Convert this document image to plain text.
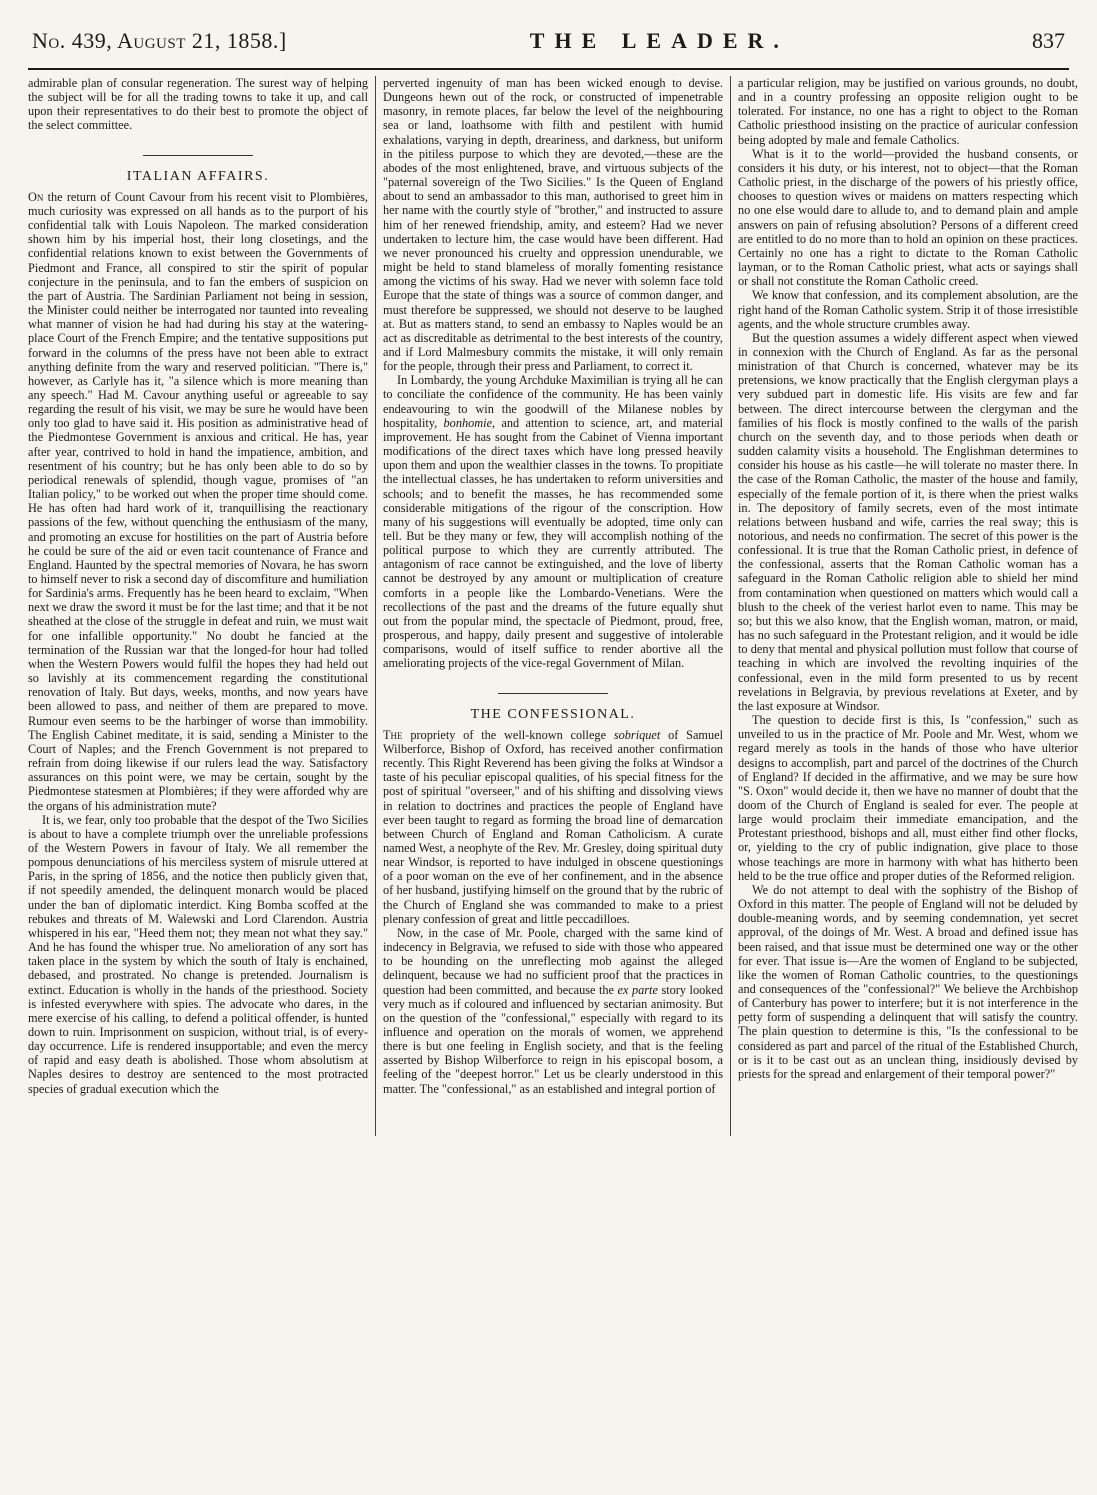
No. 439, August 21, 1858.]	THE LEADER.	837

admirable plan of consular regeneration. The surest way of helping the subject will be for all the trading towns to take it up, and call upon their representatives to do their best to promote the object of the select committee.

ITALIAN AFFAIRS.

On the return of Count Cavour from his recent visit to Plombières, much curiosity was expressed on all hands as to the purport of his confidential talk with Louis Napoleon. The marked consideration shown him by his imperial host, their long closetings, and the confidential relations known to exist between the Governments of Piedmont and France, all conspired to stir the spirit of popular conjecture in the peninsula, and to fan the embers of suspicion on the part of Austria. The Sardinian Parliament not being in session, the Minister could neither be interrogated nor taunted into revealing what manner of vision he had had during his stay at the watering-place Court of the French Empire; and the tentative suppositions put forward in the columns of the press have not been able to extract anything definite from the wary and reserved politician. "There is," however, as Carlyle has it, "a silence which is more meaning than any speech." Had M. Cavour anything useful or agreeable to say regarding the result of his visit, we may be sure he would have been only too glad to have said it. His position as administrative head of the Piedmontese Government is anxious and critical. He has, year after year, contrived to hold in hand the impatience, ambition, and resentment of his country; but he has only been able to do so by periodical renewals of splendid, though vague, promises of "an Italian policy," to be worked out when the proper time should come. He has often had hard work of it, tranquillising the reactionary passions of the few, without quenching the enthusiasm of the many, and promoting an excuse for hostilities on the part of Austria before he could be sure of the aid or even tacit countenance of France and England. Haunted by the spectral memories of Novara, he has sworn to himself never to risk a second day of discomfiture and humiliation for Sardinia's arms. Frequently has he been heard to exclaim, "When next we draw the sword it must be for the last time; and that it be not sheathed at the close of the struggle in defeat and ruin, we must wait for one infallible opportunity." No doubt he fancied at the termination of the Russian war that the longed-for hour had tolled when the Western Powers would fulfil the hopes they had held out so lavishly at its commencement regarding the constitutional renovation of Italy. But days, weeks, months, and now years have been allowed to pass, and neither of them are prepared to move. Rumour even seems to be the harbinger of worse than immobility. The English Cabinet meditate, it is said, sending a Minister to the Court of Naples; and the French Government is not prepared to refrain from doing likewise if our rulers lead the way. Satisfactory assurances on this point were, we may be certain, sought by the Piedmontese statesmen at Plombières; if they were afforded why are the organs of his administration mute?

It is, we fear, only too probable that the despot of the Two Sicilies is about to have a complete triumph over the unreliable professions of the Western Powers in favour of Italy. We all remember the pompous denunciations of his merciless system of misrule uttered at Paris, in the spring of 1856, and the notice then publicly given that, if not speedily amended, the delinquent monarch would be placed under the ban of diplomatic interdict. King Bomba scoffed at the rebukes and threats of M. Walewski and Lord Clarendon. Austria whispered in his ear, "Heed them not; they mean not what they say." And he has found the whisper true. No amelioration of any sort has taken place in the system by which the south of Italy is enchained, debased, and prostrated. No change is pretended. Journalism is extinct. Education is wholly in the hands of the priesthood. Society is infested everywhere with spies. The advocate who dares, in the mere exercise of his calling, to defend a political offender, is hunted down to ruin. Imprisonment on suspicion, without trial, is of every-day occurrence. Life is rendered insupportable; and even the mercy of rapid and easy death is abolished. Those whom absolutism at Naples desires to destroy are sentenced to the most protracted species of gradual execution which the

perverted ingenuity of man has been wicked enough to devise. Dungeons hewn out of the rock, or constructed of impenetrable masonry, in remote places, far below the level of the neighbouring sea or land, loathsome with filth and pestilent with humid exhalations, varying in depth, dreariness, and darkness, but uniform in the pitiless purpose to which they are devoted,—these are the abodes of the most enlightened, brave, and virtuous subjects of the "paternal sovereign of the Two Sicilies." Is the Queen of England about to send an ambassador to this man, authorised to greet him in her name with the courtly style of "brother," and instructed to assure him of her renewed friendship, amity, and esteem? Had we never undertaken to lecture him, the case would have been different. Had we never pronounced his cruelty and oppression unendurable, we might be held to stand blameless of morally fomenting resistance among the victims of his sway. Had we never with solemn face told Europe that the state of things was a source of common danger, and must therefore be suppressed, we should not deserve to be laughed at. But as matters stand, to send an embassy to Naples would be an act as discreditable as detrimental to the best interests of the country, and if Lord Malmesbury commits the mistake, it will only remain for the people, through their press and Parliament, to correct it.

In Lombardy, the young Archduke Maximilian is trying all he can to conciliate the confidence of the community. He has been vainly endeavouring to win the goodwill of the Milanese nobles by hospitality, bonhomie, and attention to science, art, and material improvement. He has sought from the Cabinet of Vienna important modifications of the direct taxes which have long pressed heavily upon them and upon the wealthier classes in the towns. To propitiate the intellectual classes, he has undertaken to reform universities and schools; and to benefit the masses, he has recommended some considerable mitigations of the rigour of the conscription. How many of his suggestions will eventually be adopted, time only can tell. But be they many or few, they will accomplish nothing of the political purpose to which they are currently attributed. The antagonism of race cannot be extinguished, and the love of liberty cannot be destroyed by any amount or multiplication of creature comforts in a people like the Lombardo-Venetians. Were the recollections of the past and the dreams of the future equally shut out from the popular mind, the spectacle of Piedmont, proud, free, prosperous, and happy, daily present and suggestive of intolerable comparisons, would of itself suffice to render abortive all the ameliorating projects of the vice-regal Government of Milan.

THE CONFESSIONAL.

The propriety of the well-known college sobriquet of Samuel Wilberforce, Bishop of Oxford, has received another confirmation recently. This Right Reverend has been giving the folks at Windsor a taste of his peculiar episcopal qualities, of his special fitness for the post of spiritual "overseer," and of his shifting and dissolving views in relation to doctrines and practices the people of England have ever been taught to regard as forming the broad line of demarcation between Church of England and Roman Catholicism. A curate named West, a neophyte of the Rev. Mr. Gresley, doing spiritual duty near Windsor, is reported to have indulged in obscene questionings of a poor woman on the eve of her confinement, and in the absence of her husband, justifying himself on the ground that by the rubric of the Church of England she was commanded to make to a priest plenary confession of great and little peccadilloes.

Now, in the case of Mr. Poole, charged with the same kind of indecency in Belgravia, we refused to side with those who appeared to be hounding on the unreflecting mob against the alleged delinquent, because we had no sufficient proof that the practices in question had been committed, and because the ex parte story looked very much as if coloured and influenced by sectarian animosity. But on the question of the "confessional," especially with regard to its influence and operation on the morals of women, we apprehend there is but one feeling in English society, and that is the feeling asserted by Bishop Wilberforce to reign in his episcopal bosom, a feeling of the "deepest horror." Let us be clearly understood in this matter. The "confessional," as an established and integral portion of

a particular religion, may be justified on various grounds, no doubt, and in a country professing an opposite religion ought to be tolerated. For instance, no one has a right to object to the Roman Catholic priesthood insisting on the practice of auricular confession being adopted by male and female Catholics.

What is it to the world—provided the husband consents, or considers it his duty, or his interest, not to object—that the Roman Catholic priest, in the discharge of the powers of his priestly office, chooses to question wives or maidens on matters respecting which no one else would dare to allude to, and to demand plain and ample answers on pain of refusing absolution? Persons of a different creed are entitled to do no more than to hold an opinion on these practices. Certainly no one has a right to dictate to the Roman Catholic layman, or to the Roman Catholic priest, what acts or sayings shall or shall not constitute the Roman Catholic creed.

We know that confession, and its complement absolution, are the right hand of the Roman Catholic system. Strip it of those irresistible agents, and the whole structure crumbles away.

But the question assumes a widely different aspect when viewed in connexion with the Church of England. As far as the personal ministration of that Church is concerned, whatever may be its pretensions, we know practically that the English clergyman plays a very subdued part in domestic life. His visits are few and far between. The direct intercourse between the clergyman and the families of his flock is mostly confined to the walls of the parish church on the seventh day, and to those periods when death or sudden calamity visits a household. The Englishman determines to consider his house as his castle—he will tolerate no master there. In the case of the Roman Catholic, the master of the house and family, especially of the female portion of it, is there when the priest walks in. The depository of family secrets, even of the most intimate relations between husband and wife, carries the real sway; this is notorious, and needs no confirmation. The secret of this power is the confessional. It is true that the Roman Catholic priest, in defence of the confessional, asserts that the Roman Catholic woman has a safeguard in the Roman Catholic religion able to shield her mind from contamination when questioned on matters which would call a blush to the cheek of the veriest harlot even to name. This may be so; but this we also know, that the English woman, matron, or maid, has no such safeguard in the Protestant religion, and it would be idle to deny that mental and physical pollution must follow that course of teaching in which are involved the revolting inquiries of the confessional, even in the mild form presented to us by recent revelations in Belgravia, by previous revelations at Exeter, and by the last exposure at Windsor.

The question to decide first is this, Is "confession," such as unveiled to us in the practice of Mr. Poole and Mr. West, whom we regard merely as tools in the hands of those who have ulterior designs to accomplish, part and parcel of the doctrines of the Church of England? If decided in the affirmative, and we may be sure how "S. Oxon" would decide it, then we have no manner of doubt that the doom of the Church of England is sealed for ever. The people at large would proclaim their immediate emancipation, and the Protestant priesthood, bishops and all, must either find other flocks, or, yielding to the cry of public indignation, give place to those whose teachings are more in harmony with what has hitherto been held to be the true office and proper duties of the Reformed religion.

We do not attempt to deal with the sophistry of the Bishop of Oxford in this matter. The people of England will not be deluded by double-meaning words, and by seeming condemnation, yet secret approval, of the doings of Mr. West. A broad and defined issue has been raised, and that issue must be determined one way or the other for ever. That issue is—Are the women of England to be subjected, like the women of Roman Catholic countries, to the questionings and consequences of the "confessional?" We believe the Archbishop of Canterbury has power to interfere; but it is not interference in the petty form of suspending a delinquent that will satisfy the country. The plain question to determine is this, "Is the confessional to be considered as part and parcel of the ritual of the Established Church, or is it to be cast out as an unclean thing, insidiously devised by priests for the spread and enlargement of their temporal power?"
